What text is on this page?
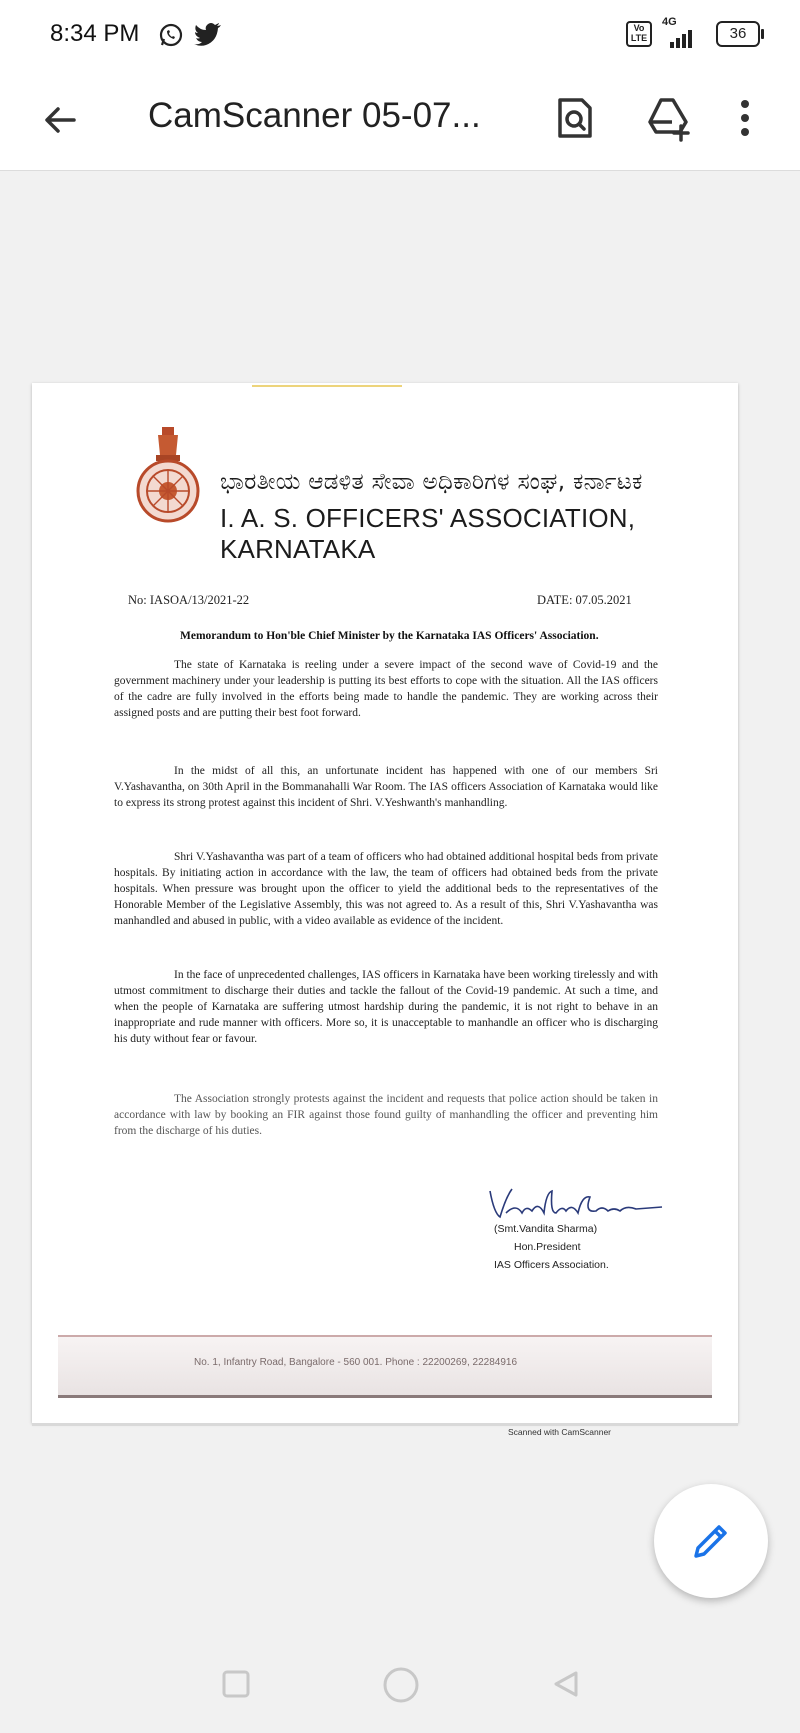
8:34 PM	Vo
LTE
4G
36
CamScanner 05-07...
ಭಾರತೀಯ ಆಡಳಿತ ಸೇವಾ ಅಧಿಕಾರಿಗಳ ಸಂಘ, ಕರ್ನಾಟಕ
I. A. S. OFFICERS' ASSOCIATION, KARNATAKA
No: IASOA/13/2021-22	DATE: 07.05.2021
Memorandum to Hon'ble Chief Minister by the Karnataka IAS Officers' Association.

The state of Karnataka is reeling under a severe impact of the second wave of Covid-19 and the government machinery under your leadership is putting its best efforts to cope with the situation. All the IAS officers of the cadre are fully involved in the efforts being made to handle the pandemic. They are working across their assigned posts and are putting their best foot forward.

In the midst of all this, an unfortunate incident has happened with one of our members Sri V.Yashavantha, on 30th April in the Bommanahalli War Room. The IAS officers Association of Karnataka would like to express its strong protest against this incident of Shri. V.Yeshwanth's manhandling.

Shri V.Yashavantha was part of a team of officers who had obtained additional hospital beds from private hospitals. By initiating action in accordance with the law, the team of officers had obtained beds from the private hospitals. When pressure was brought upon the officer to yield the additional beds to the representatives of the Honorable Member of the Legislative Assembly, this was not agreed to. As a result of this, Shri V.Yashavantha was manhandled and abused in public, with a video available as evidence of the incident.

In the face of unprecedented challenges, IAS officers in Karnataka have been working tirelessly and with utmost commitment to discharge their duties and tackle the fallout of the Covid-19 pandemic. At such a time, and when the people of Karnataka are suffering utmost hardship during the pandemic, it is not right to behave in an inappropriate and rude manner with officers. More so, it is unacceptable to manhandle an officer who is discharging his duty without fear or favour.

The Association strongly protests against the incident and requests that police action should be taken in accordance with law by booking an FIR against those found guilty of manhandling the officer and preventing him from the discharge of his duties.

(Smt.Vandita Sharma)
Hon.President
IAS Officers Association.
No. 1, Infantry Road, Bangalore - 560 001. Phone : 22200269, 22284916
Scanned with CamScanner
